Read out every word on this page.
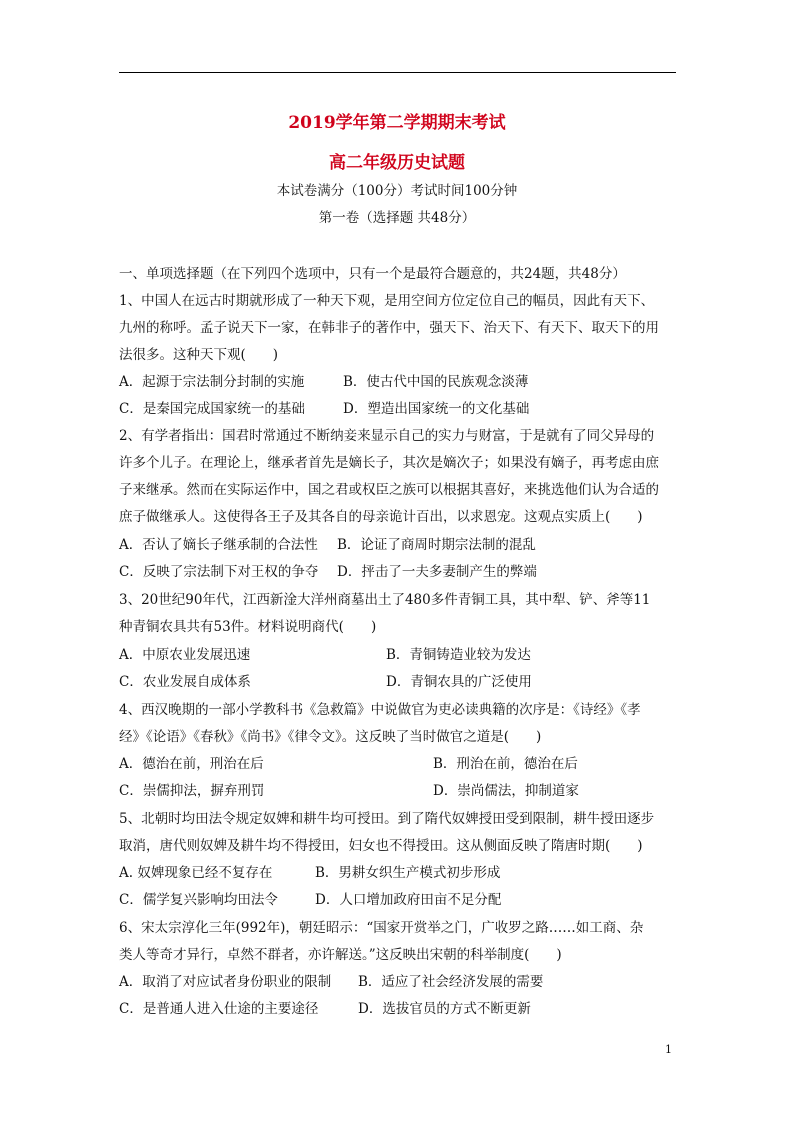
2019学年第二学期期末考试
高二年级历史试题
本试卷满分（100分）考试时间100分钟
第一卷（选择题 共48分）
一、单项选择题（在下列四个选项中，只有一个是最符合题意的，共24题，共48分）
1、中国人在远古时期就形成了一种天下观，是用空间方位定位自己的幅员，因此有天下、
九州的称呼。孟子说天下一家，在韩非子的著作中，强天下、治天下、有天下、取天下的用
法很多。这种天下观(　　)
A．起源于宗法制分封制的实施	B．使古代中国的民族观念淡薄
C．是秦国完成国家统一的基础	D．塑造出国家统一的文化基础
2、有学者指出：国君时常通过不断纳妾来显示自己的实力与财富，于是就有了同父异母的
许多个儿子。在理论上，继承者首先是嫡长子，其次是嫡次子；如果没有嫡子，再考虑由庶
子来继承。然而在实际运作中，国之君或权臣之族可以根据其喜好，来挑选他们认为合适的
庶子做继承人。这使得各王子及其各自的母亲诡计百出，以求恩宠。这观点实质上(　　)
A．否认了嫡长子继承制的合法性 B．论证了商周时期宗法制的混乱
C．反映了宗法制下对王权的争夺 D．抨击了一夫多妻制产生的弊端
3、20世纪90年代，江西新淦大洋州商墓出土了480多件青铜工具，其中犁、铲、斧等11
种青铜农具共有53件。材料说明商代(　　)
A．中原农业发展迅速	B．青铜铸造业较为发达
C．农业发展自成体系	D．青铜农具的广泛使用
4、西汉晚期的一部小学教科书《急救篇》中说做官为吏必读典籍的次序是：《诗经》《孝
经》《论语》《春秋》《尚书》《律令文》。这反映了当时做官之道是(　　)
A．德治在前，刑治在后	B．刑治在前，德治在后
C．崇儒抑法，摒弃刑罚	D．崇尚儒法，抑制道家
5、北朝时均田法令规定奴婢和耕牛均可授田。到了隋代奴婢授田受到限制，耕牛授田逐步
取消，唐代则奴婢及耕牛均不得授田，妇女也不得授田。这从侧面反映了隋唐时期(　　)
A. 奴婢现象已经不复存在	B．男耕女织生产模式初步形成
C．儒学复兴影响均田法令	D．人口增加政府田亩不足分配
6、宋太宗淳化三年(992年)，朝廷昭示：“国家开赏举之门，广收罗之路……如工商、杂
类人等奇才异行，卓然不群者，亦许解送。”这反映出宋朝的科举制度(　　)
A．取消了对应试者身份职业的限制 B．适应了社会经济发展的需要
C．是普通人进入仕途的主要途径	D．选拔官员的方式不断更新
1
